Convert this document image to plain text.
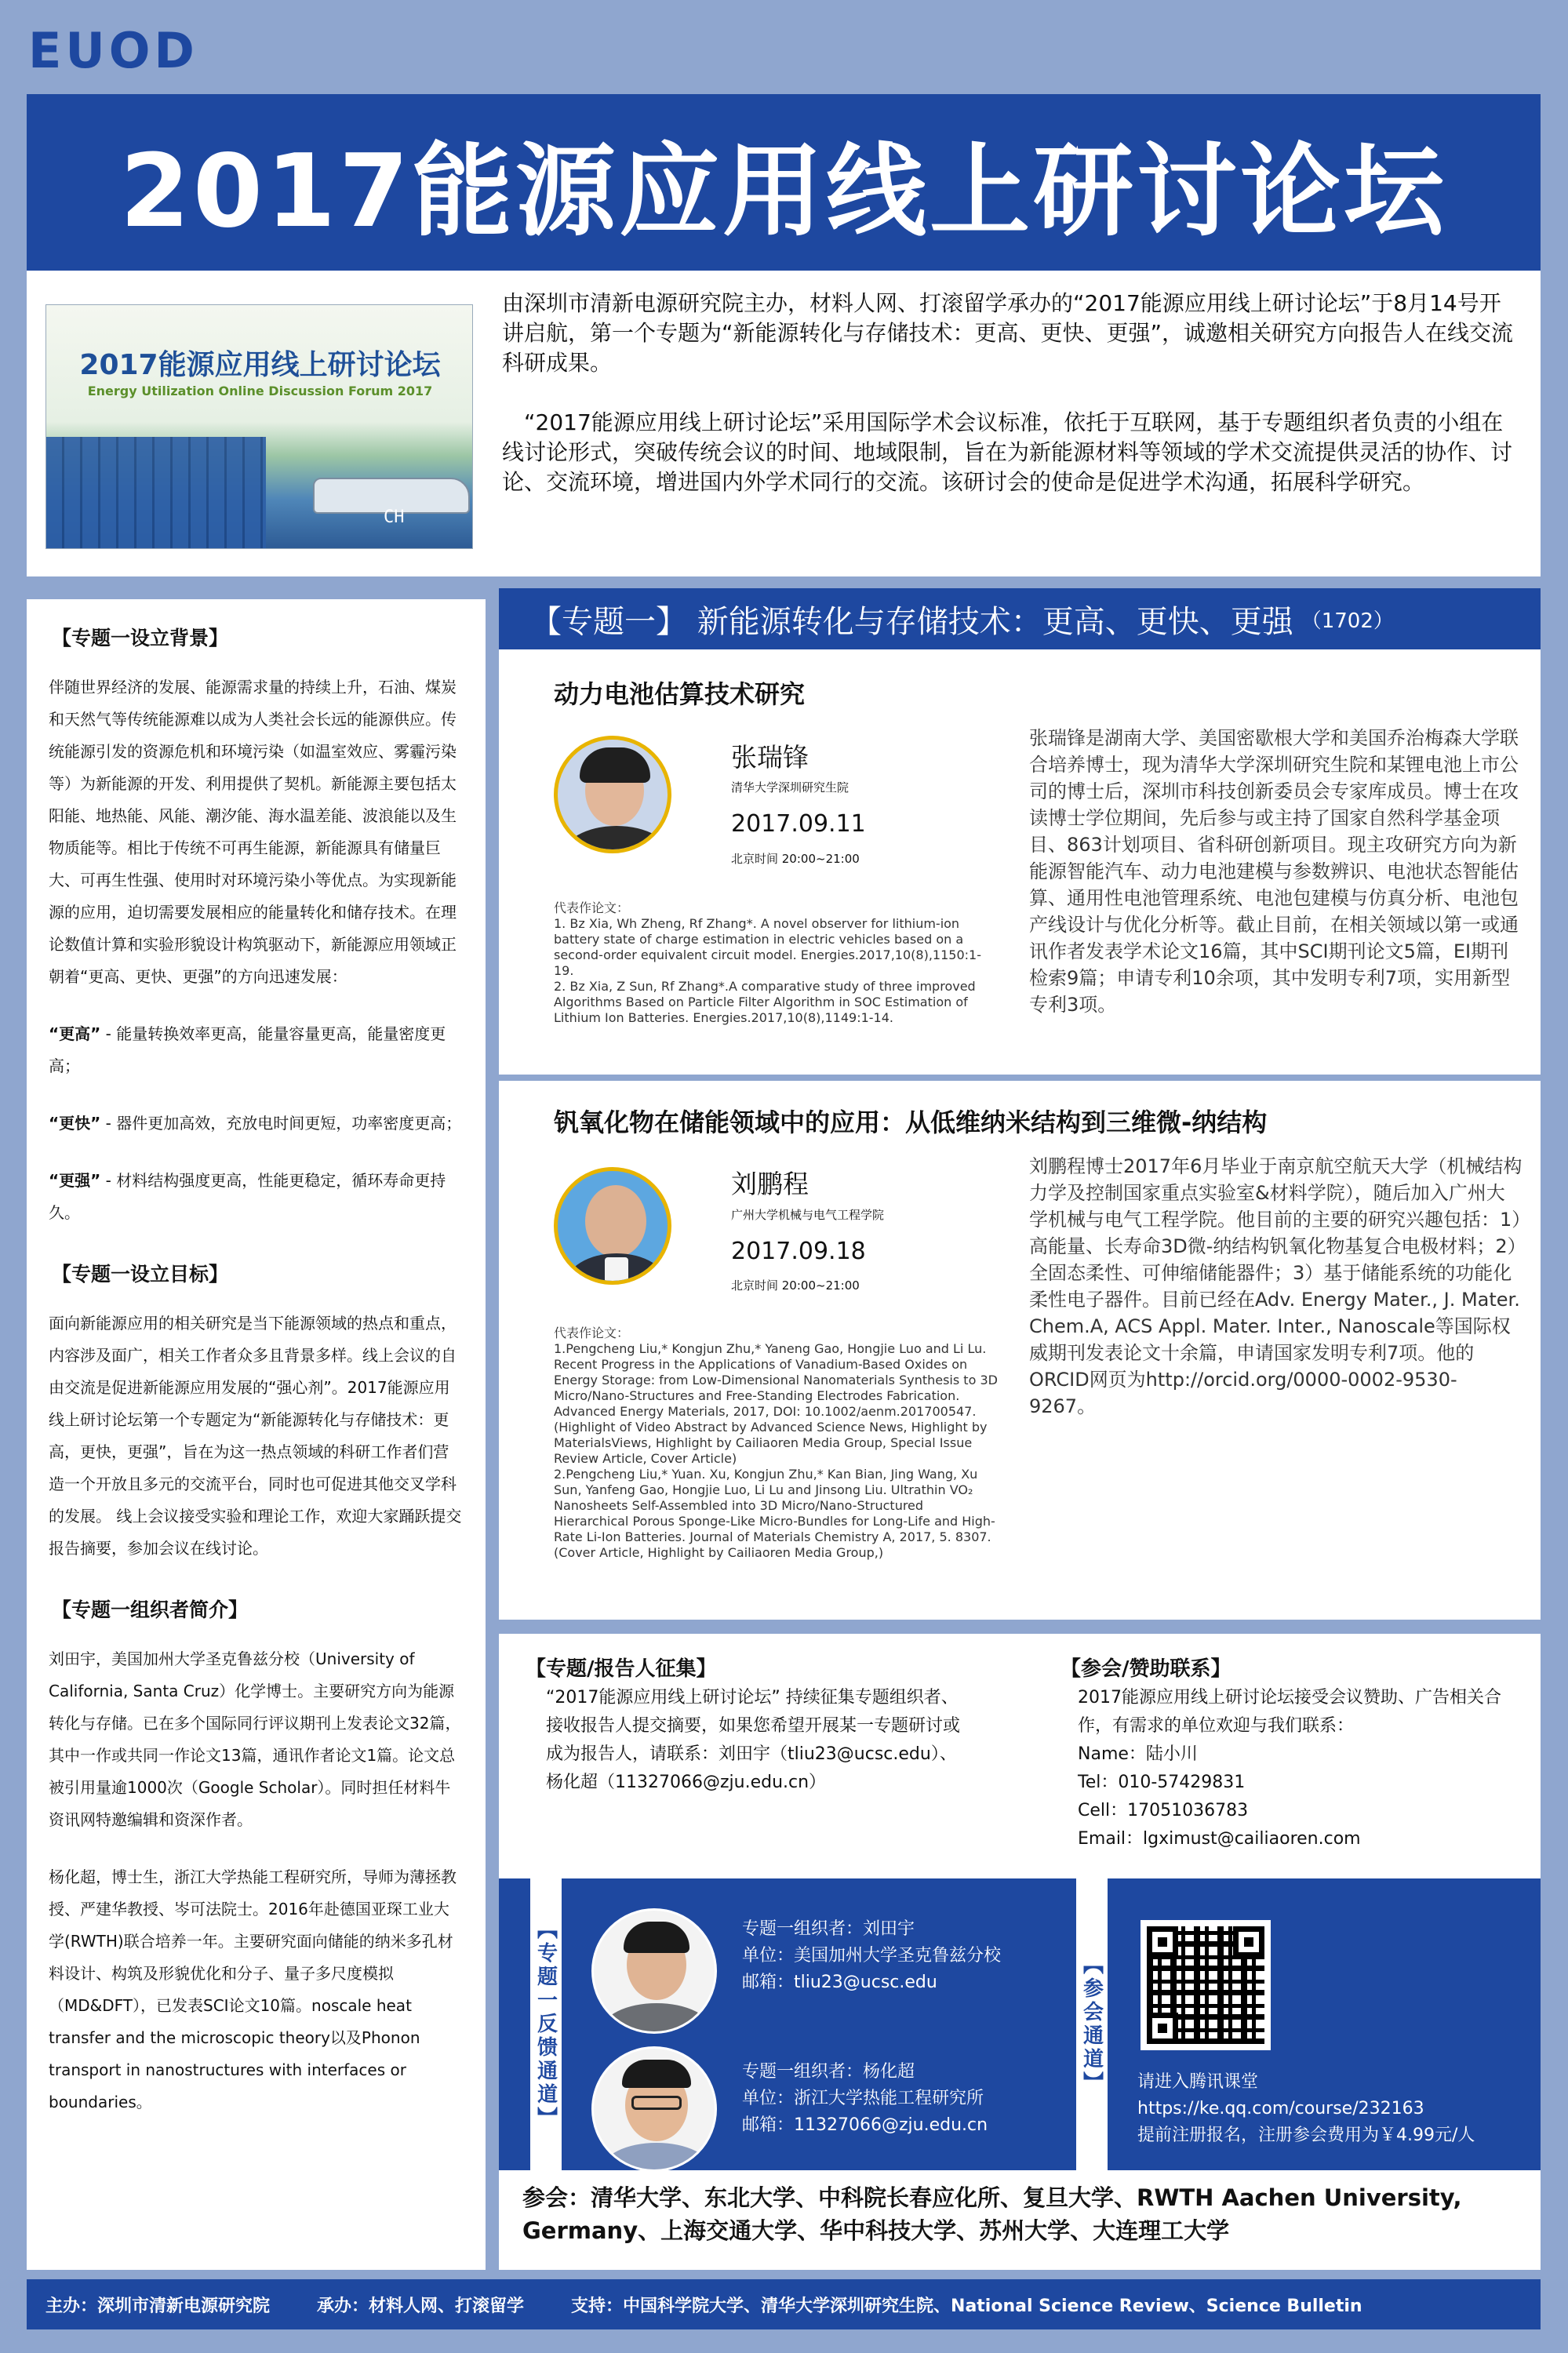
EUOD
2017能源应用线上研讨论坛
2017能源应用线上研讨论坛
Energy Utilization Online Discussion Forum 2017
CH

由深圳市清新电源研究院主办，材料人网、打滚留学承办的“2017能源应用线上研讨论坛”于8月14号开讲启航，第一个专题为“新能源转化与存储技术：更高、更快、更强”，诚邀相关研究方向报告人在线交流科研成果。

“2017能源应用线上研讨论坛”采用国际学术会议标准，依托于互联网，基于专题组织者负责的小组在线讨论形式，突破传统会议的时间、地域限制，旨在为新能源材料等领域的学术交流提供灵活的协作、讨论、交流环境，增进国内外学术同行的交流。该研讨会的使命是促进学术沟通，拓展科学研究。

【专题一设立背景】
伴随世界经济的发展、能源需求量的持续上升，石油、煤炭和天然气等传统能源难以成为人类社会长远的能源供应。传统能源引发的资源危机和环境污染（如温室效应、雾霾污染等）为新能源的开发、利用提供了契机。新能源主要包括太阳能、地热能、风能、潮汐能、海水温差能、波浪能以及生物质能等。相比于传统不可再生能源，新能源具有储量巨大、可再生性强、使用时对环境污染小等优点。为实现新能源的应用，迫切需要发展相应的能量转化和储存技术。在理论数值计算和实验形貌设计构筑驱动下，新能源应用领域正朝着“更高、更快、更强”的方向迅速发展：
“更高” - 能量转换效率更高，能量容量更高，能量密度更高；
“更快” - 器件更加高效，充放电时间更短，功率密度更高；
“更强” - 材料结构强度更高，性能更稳定，循环寿命更持久。
【专题一设立目标】
面向新能源应用的相关研究是当下能源领域的热点和重点，内容涉及面广，相关工作者众多且背景多样。线上会议的自由交流是促进新能源应用发展的“强心剂”。2017能源应用线上研讨论坛第一个专题定为“新能源转化与存储技术：更高，更快，更强”，旨在为这一热点领域的科研工作者们营造一个开放且多元的交流平台，同时也可促进其他交叉学科的发展。 线上会议接受实验和理论工作，欢迎大家踊跃提交报告摘要，参加会议在线讨论。
【专题一组织者简介】
刘田宇，美国加州大学圣克鲁兹分校（University of California, Santa Cruz）化学博士。主要研究方向为能源转化与存储。已在多个国际同行评议期刊上发表论文32篇，其中一作或共同一作论文13篇，通讯作者论文1篇。论文总被引用量逾1000次（Google Scholar）。同时担任材料牛资讯网特邀编辑和资深作者。
杨化超，博士生，浙江大学热能工程研究所，导师为薄拯教授、严建华教授、岑可法院士。2016年赴德国亚琛工业大学(RWTH)联合培养一年。主要研究面向储能的纳米多孔材料设计、构筑及形貌优化和分子、量子多尺度模拟（MD&DFT），已发表SCI论文10篇。noscale heat transfer and the microscopic theory以及Phonon transport in nanostructures with interfaces or boundaries。
【专题一】 新能源转化与存储技术：更高、更快、更强 （1702）
动力电池估算技术研究
张瑞锋
清华大学深圳研究生院
2017.09.11
北京时间 20:00~21:00
代表作论文：
1. Bz Xia, Wh Zheng, Rf Zhang*. A novel observer for lithium-ion battery state of charge estimation in electric vehicles based on a second-order equivalent circuit model. Energies.2017,10(8),1150:1-19.
2. Bz Xia, Z Sun, Rf Zhang*.A comparative study of three improved Algorithms Based on Particle Filter Algorithm in SOC Estimation of Lithium Ion Batteries. Energies.2017,10(8),1149:1-14.
张瑞锋是湖南大学、美国密歇根大学和美国乔治梅森大学联合培养博士，现为清华大学深圳研究生院和某锂电池上市公司的博士后，深圳市科技创新委员会专家库成员。博士在攻读博士学位期间，先后参与或主持了国家自然科学基金项目、863计划项目、省科研创新项目。现主攻研究方向为新能源智能汽车、动力电池建模与参数辨识、电池状态智能估算、通用性电池管理系统、电池包建模与仿真分析、电池包产线设计与优化分析等。截止目前，在相关领域以第一或通讯作者发表学术论文16篇，其中SCI期刊论文5篇，EI期刊检索9篇；申请专利10余项，其中发明专利7项，实用新型专利3项。
钒氧化物在储能领域中的应用：从低维纳米结构到三维微-纳结构
刘鹏程
广州大学机械与电气工程学院
2017.09.18
北京时间 20:00~21:00
代表作论文：
1.Pengcheng Liu,* Kongjun Zhu,* Yaneng Gao, Hongjie Luo and Li Lu. Recent Progress in the Applications of Vanadium-Based Oxides on Energy Storage: from Low-Dimensional Nanomaterials Synthesis to 3D Micro/Nano-Structures and Free-Standing Electrodes Fabrication. Advanced Energy Materials, 2017, DOI: 10.1002/aenm.201700547. (Highlight of Video Abstract by Advanced Science News, Highlight by MaterialsViews, Highlight by Cailiaoren Media Group, Special Issue Review Article, Cover Article)
2.Pengcheng Liu,* Yuan. Xu, Kongjun Zhu,* Kan Bian, Jing Wang, Xu Sun, Yanfeng Gao, Hongjie Luo, Li Lu and Jinsong Liu. Ultrathin VO₂ Nanosheets Self-Assembled into 3D Micro/Nano-Structured Hierarchical Porous Sponge-Like Micro-Bundles for Long-Life and High-Rate Li-Ion Batteries. Journal of Materials Chemistry A, 2017, 5. 8307. (Cover Article, Highlight by Cailiaoren Media Group,)
刘鹏程博士2017年6月毕业于南京航空航天大学（机械结构力学及控制国家重点实验室&材料学院），随后加入广州大学机械与电气工程学院。他目前的主要的研究兴趣包括：1）高能量、长寿命3D微-纳结构钒氧化物基复合电极材料；2）全固态柔性、可伸缩储能器件；3）基于储能系统的功能化柔性电子器件。目前已经在Adv. Energy Mater., J. Mater. Chem.A, ACS Appl. Mater. Inter., Nanoscale等国际权威期刊发表论文十余篇，申请国家发明专利7项。他的ORCID网页为http://orcid.org/0000-0002-9530-9267。
【专题/报告人征集】
“2017能源应用线上研讨论坛” 持续征集专题组织者、接收报告人提交摘要，如果您希望开展某一专题研讨或成为报告人，请联系：刘田宇（tliu23@ucsc.edu）、杨化超（11327066@zju.edu.cn）
【参会/赞助联系】
2017能源应用线上研讨论坛接受会议赞助、广告相关合作，有需求的单位欢迎与我们联系：
Name：陆小川
Tel：010-57429831
Cell：17051036783
Email：lgximust@cailiaoren.com
【专题一反馈通道】	专题一组织者：刘田宇
单位：美国加州大学圣克鲁兹分校
邮箱：tliu23@ucsc.edu
专题一组织者：杨化超
单位：浙江大学热能工程研究所
邮箱：11327066@zju.edu.cn
【参会通道】 请进入腾讯课堂
https://ke.qq.com/course/232163
提前注册报名，注册参会费用为￥4.99元/人
参会：清华大学、东北大学、中科院长春应化所、复旦大学、RWTH Aachen University, Germany、上海交通大学、华中科技大学、苏州大学、大连理工大学
主办：深圳市清新电源研究院	承办：材料人网、打滚留学	支持：中国科学院大学、清华大学深圳研究生院、National Science Review、Science Bulletin
